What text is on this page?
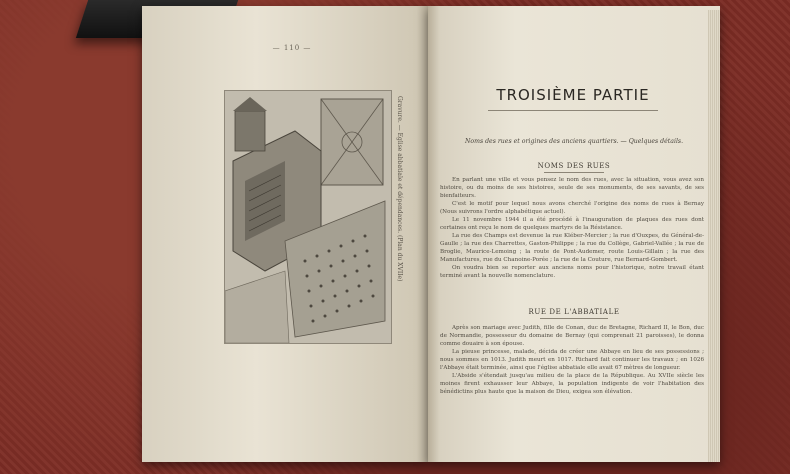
— 110 —
Gravure. — Eglise abbatiale et dépendances. (Plan du XVIIe)
TROISIÈME PARTIE
Noms des rues et origines des anciens quartiers. — Quelques détails.
NOMS DES RUES

En parlant une ville et vous pensez le nom des rues, avec la situation, vous avez son histoire, ou du moins de ses histoires, seule de ses monuments, de ses savants, de ses bienfaiteurs.

C'est le motif pour lequel nous avons cherché l'origine des noms de rues à Bernay (Nous suivrons l'ordre alphabétique actuel).

Le 11 novembre 1944 il a été procédé à l'inauguration de plaques des rues dont certaines ont reçu le nom de quelques martyrs de la Résistance.

La rue des Champs est devenue la rue Kléber-Mercier ; la rue d'Ouxpes, du Général-de-Gaulle ; la rue des Charrettes, Gaston-Philippe ; la rue du Collège, Gabriel-Vallée ; la rue de Broglie, Maurice-Lemoing ; la route de Pont-Audemer, route Louis-Gillain ; la rue des Manufactures, rue du Chanoine-Porée ; la rue de la Couture, rue Bernard-Gombert.

On voudra bien se reporter aux anciens noms pour l'historique, notre travail étant terminé avant la nouvelle nomenclature.

RUE DE L'ABBATIALE

Après son mariage avec Judith, fille de Conan, duc de Bretagne, Richard II, le Bon, duc de Normandie, possesseur du domaine de Bernay (qui comprenait 21 paroisses), le donna comme douaire à son épouse.

La pieuse princesse, malade, décida de créer une Abbaye en lieu de ses possessions ; nous sommes en 1013. Judith meurt en 1017. Richard fait continuer les travaux ; en 1026 l'Abbaye était terminée, ainsi que l'église abbatiale elle avait 67 mètres de longueur.

L'Abside s'étendait jusqu'au milieu de la place de la République. Au XVIIe siècle les moines firent exhausser leur Abbaye, la population indigente de voir l'habitation des bénédictins plus haute que la maison de Dieu, exigea son élévation.
